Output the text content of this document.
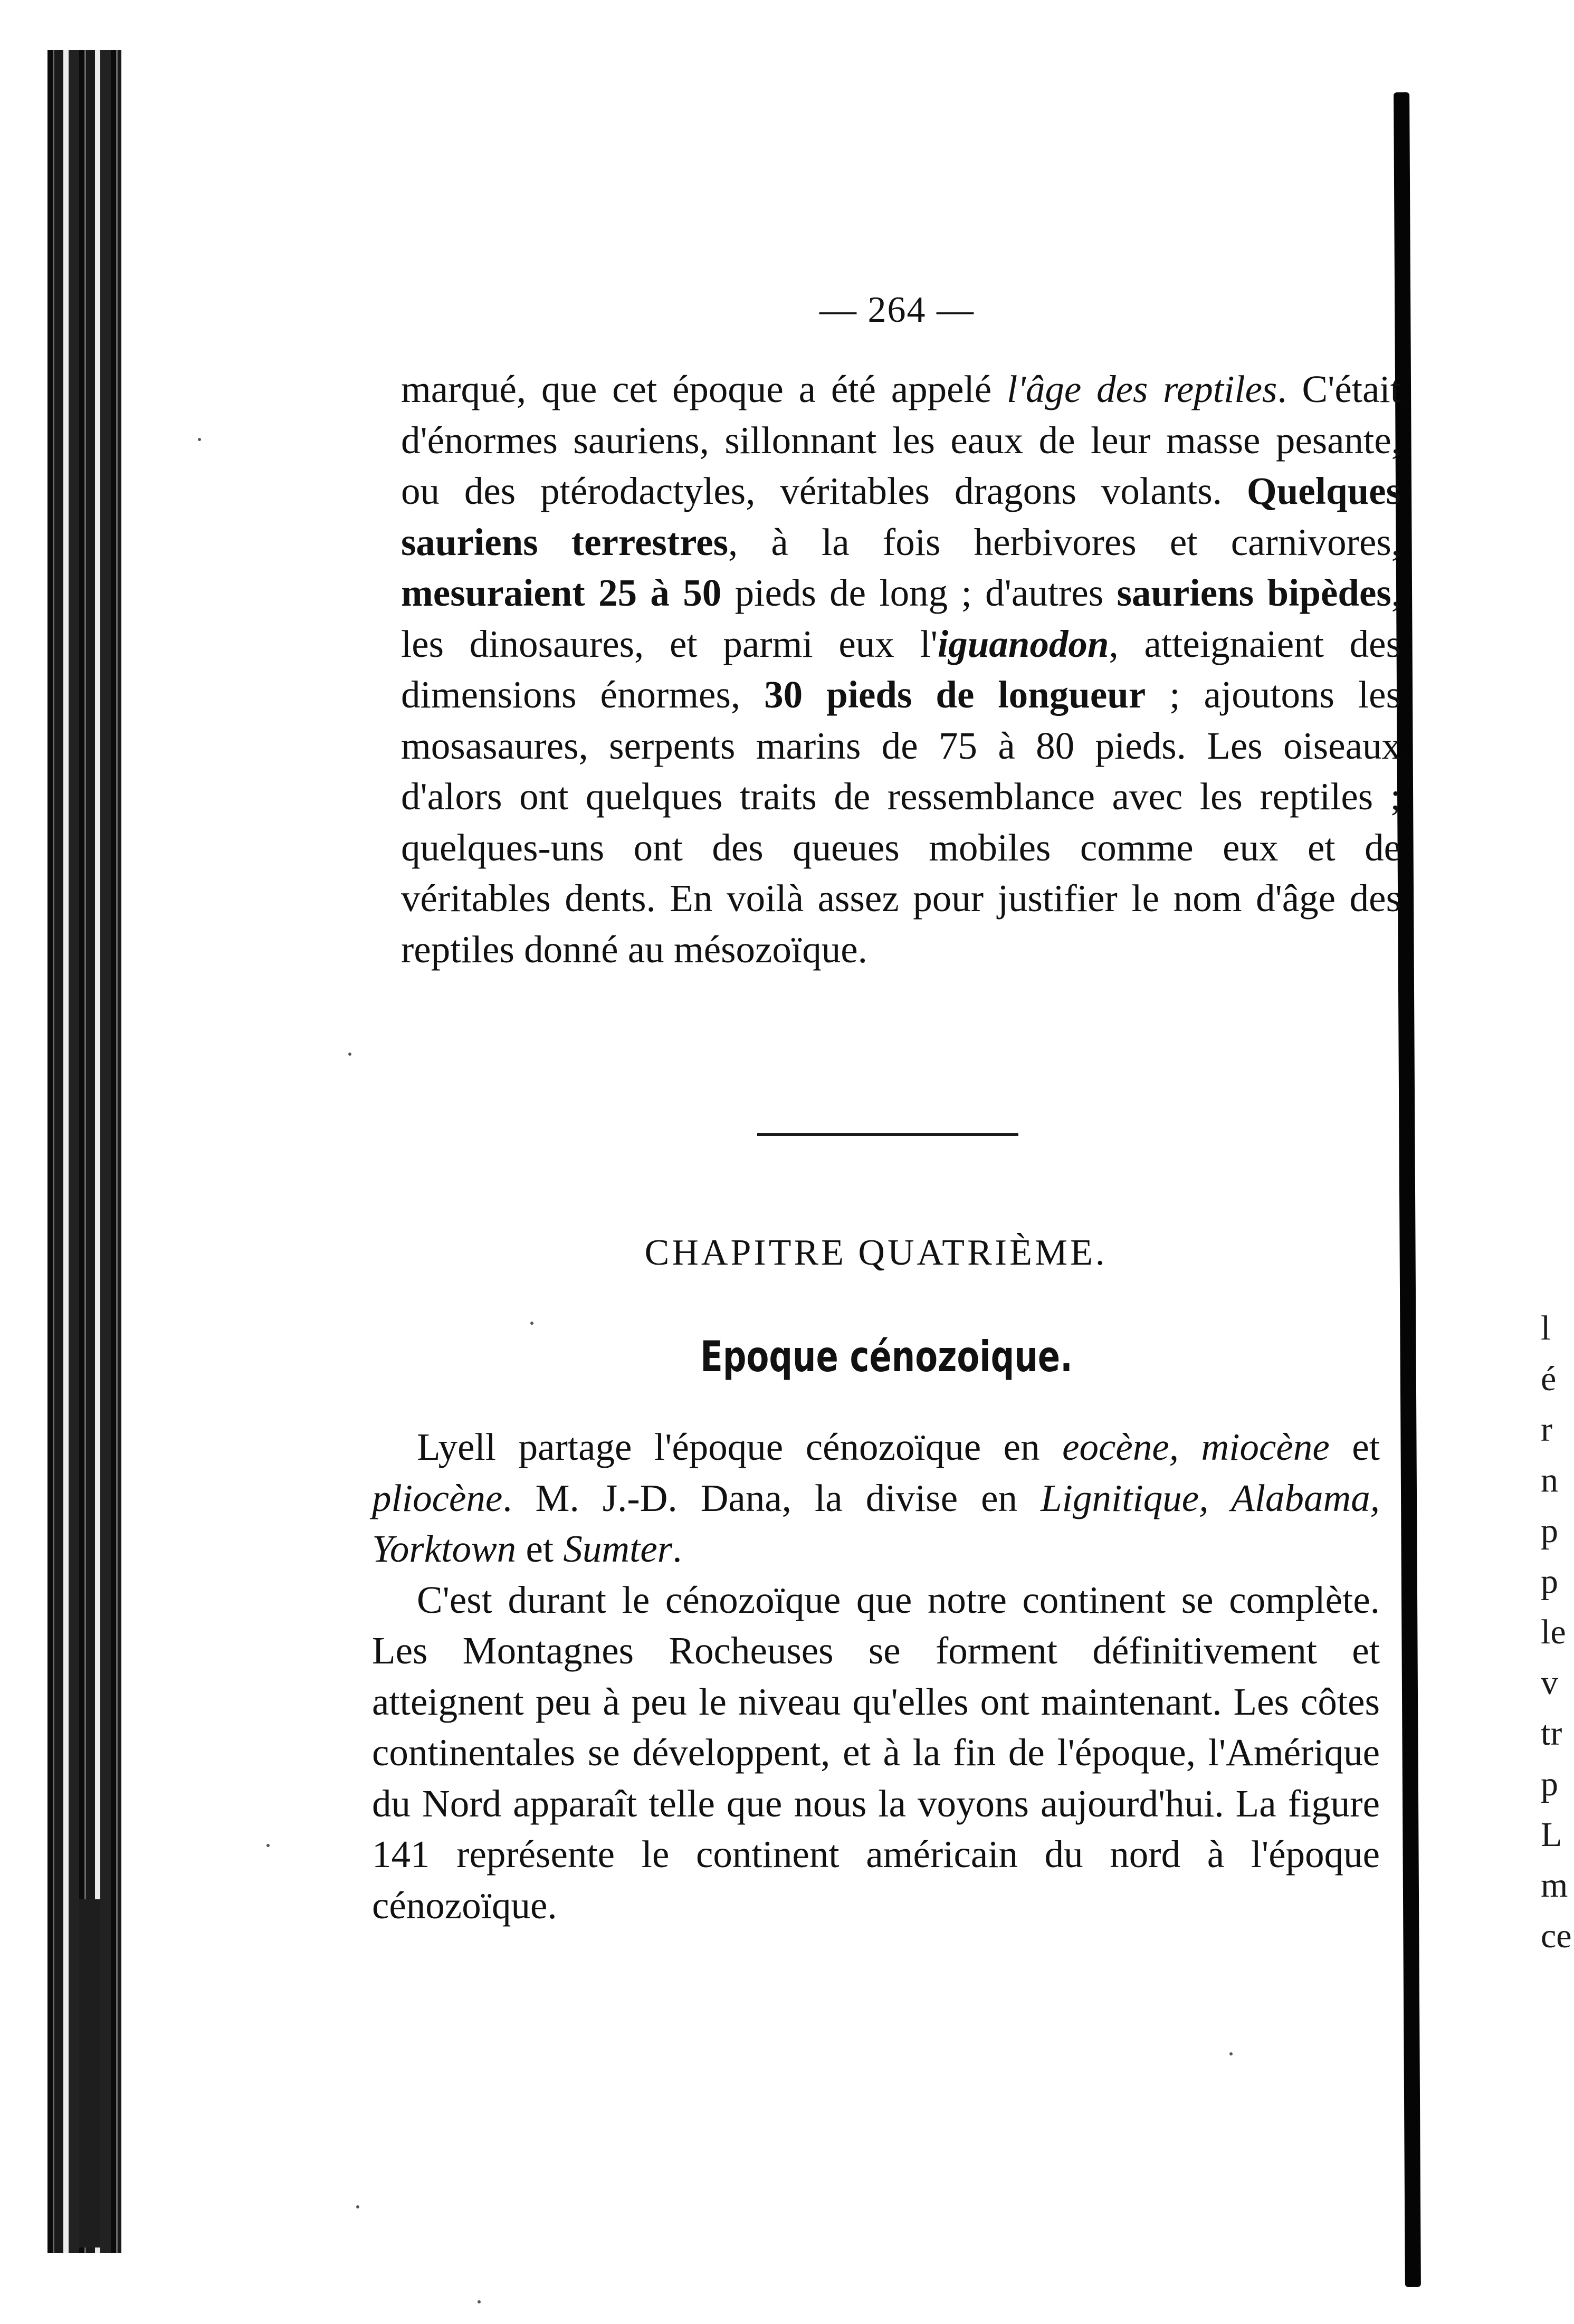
l
é
r
n
p
p
le
v
tr
p
L
m
ce
— 264 —

marqué, que cet époque a été appelé l'âge des reptiles. C'était d'énormes sauriens, sillonnant les eaux de leur masse pesante, ou des ptérodactyles, véritables dragons volants. Quelques sauriens terrestres, à la fois herbivores et carnivores, mesuraient 25 à 50 pieds de long ; d'autres sauriens bipèdes, les dinosaures, et parmi eux l'iguanodon, atteignaient des dimensions énormes, 30 pieds de longueur ; ajoutons les mosasaures, serpents marins de 75 à 80 pieds. Les oiseaux d'alors ont quelques traits de ressemblance avec les reptiles ; quelques-uns ont des queues mobiles comme eux et de véritables dents. En voilà assez pour justifier le nom d'âge des reptiles donné au mésozoïque.

CHAPITRE QUATRIÈME.
Epoque cénozoique.

Lyell partage l'époque cénozoïque en eocène, miocène et pliocène. M. J.-D. Dana, la divise en Lignitique, Alabama, Yorktown et Sumter.

C'est durant le cénozoïque que notre continent se complète. Les Montagnes Rocheuses se forment définitivement et atteignent peu à peu le niveau qu'elles ont maintenant. Les côtes continentales se développent, et à la fin de l'époque, l'Amérique du Nord apparaît telle que nous la voyons aujourd'hui. La figure 141 représente le continent américain du nord à l'époque cénozoïque.
